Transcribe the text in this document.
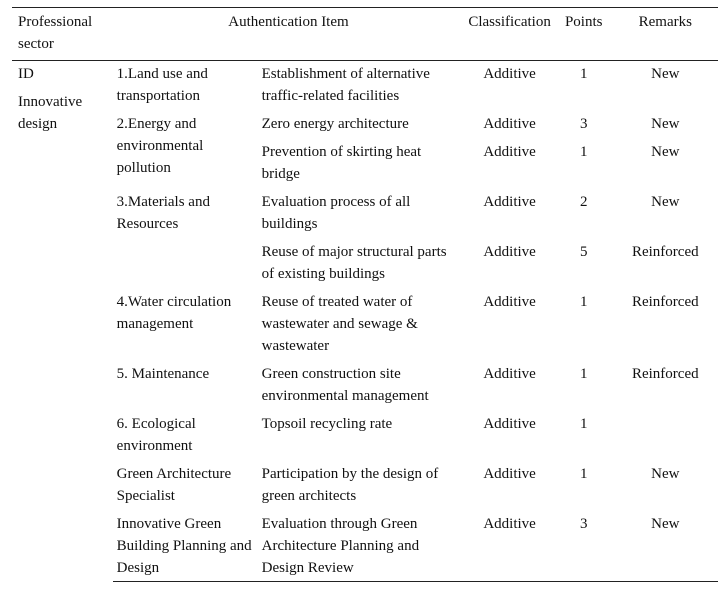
Professional sector	Authentication Item		Classification	Points	Remarks

ID
Innovative design	1.Land use and transportation	Establishment of alternative traffic-related facilities	Additive	1	New
	2.Energy and environmental pollution	Zero energy architecture	Additive	3	New
		Prevention of skirting heat bridge	Additive	1	New
	3.Materials and Resources	Evaluation process of all buildings	Additive	2	New
		Reuse of major structural parts of existing buildings	Additive	5	Reinforced
	4.Water circulation management	Reuse of treated water of wastewater and sewage & wastewater	Additive	1	Reinforced
	5. Maintenance	Green construction site environmental management	Additive	1	Reinforced
	6. Ecological environment	Topsoil recycling rate	Additive	1	
	Green Architecture Specialist	Participation by the design of green architects	Additive	1	New
	Innovative Green Building Planning and Design	Evaluation through Green Architecture Planning and Design Review	Additive	3	New
